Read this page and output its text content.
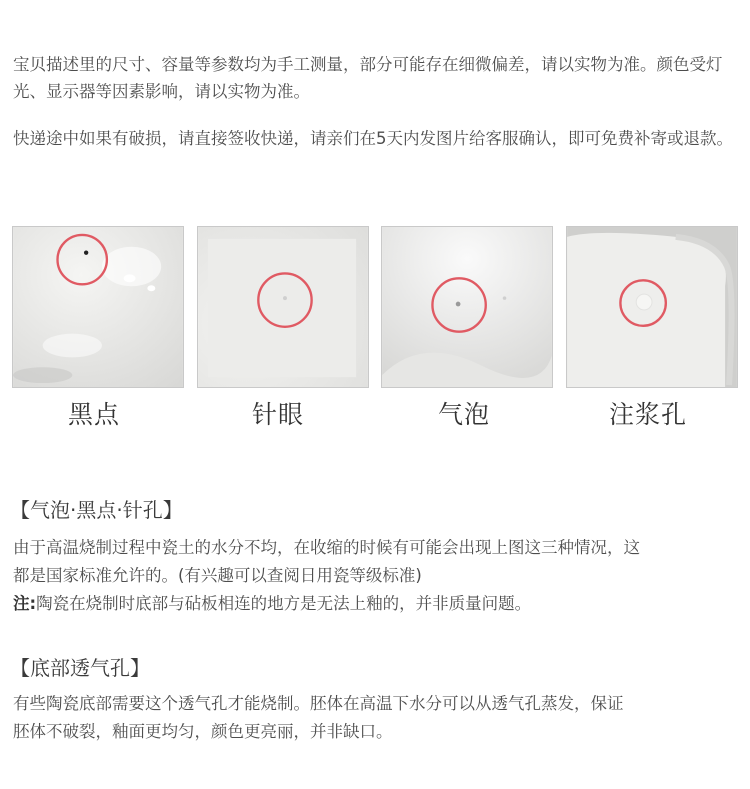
宝贝描述里的尺寸、容量等参数均为手工测量，部分可能存在细微偏差，请以实物为准。颜色受灯光、显示器等因素影响，请以实物为准。
快递途中如果有破损，请直接签收快递，请亲们在5天内发图片给客服确认，即可免费补寄或退款。
黑点	针眼	气泡	注浆孔
【气泡·黑点·针孔】
由于高温烧制过程中瓷土的水分不均，在收缩的时候有可能会出现上图这三种情况，这
都是国家标准允许的。(有兴趣可以查阅日用瓷等级标准)
注:陶瓷在烧制时底部与砧板相连的地方是无法上釉的，并非质量问题。
【底部透气孔】
有些陶瓷底部需要这个透气孔才能烧制。胚体在高温下水分可以从透气孔蒸发，保证
胚体不破裂，釉面更均匀，颜色更亮丽，并非缺口。
